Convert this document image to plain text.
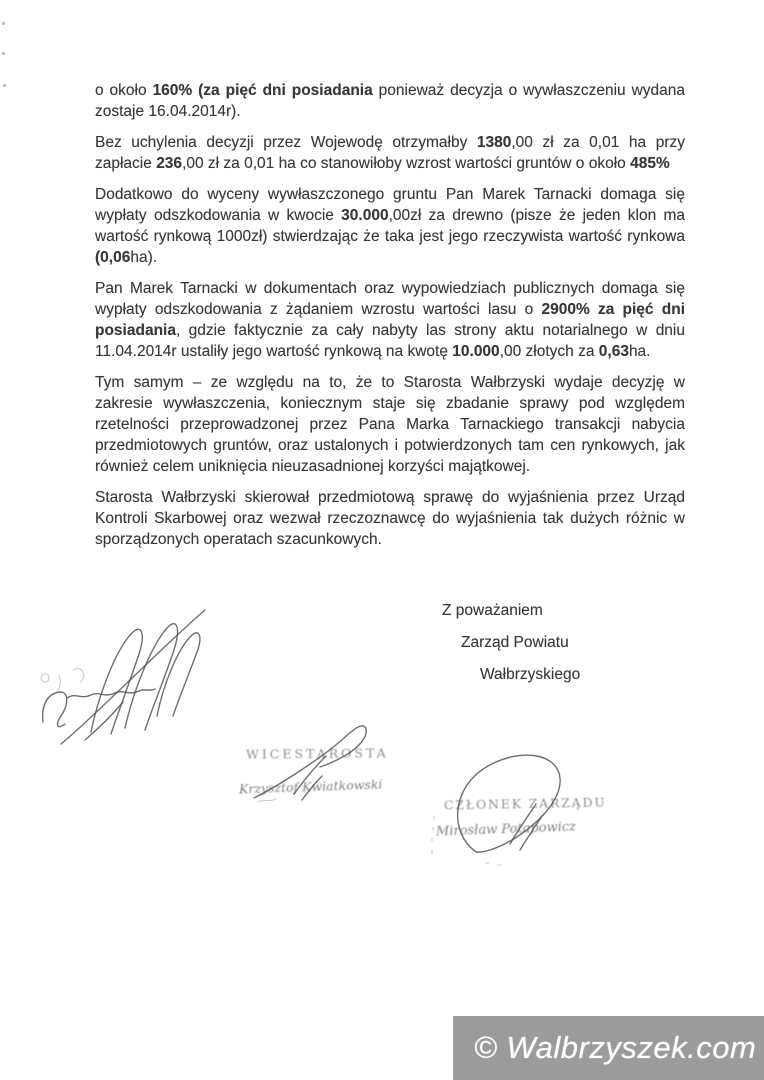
o około 160% (za pięć dni posiadania ponieważ decyzja o wywłaszczeniu wydana
zostaje 16.04.2014r).
Bez uchylenia decyzji przez Wojewodę otrzymałby 1380,00 zł za 0,01 ha przy
zapłacie 236,00 zł za 0,01 ha co stanowiłoby wzrost wartości gruntów o około 485%
Dodatkowo do wyceny wywłaszczonego gruntu Pan Marek Tarnacki domaga się
wypłaty odszkodowania w kwocie 30.000,00zł za drewno (pisze że jeden klon ma
wartość rynkową 1000zł) stwierdzając że taka jest jego rzeczywista wartość rynkowa
(0,06ha).
Pan Marek Tarnacki w dokumentach oraz wypowiedziach publicznych domaga się
wypłaty odszkodowania z żądaniem wzrostu wartości lasu o 2900% za pięć dni
posiadania, gdzie faktycznie za cały nabyty las strony aktu notarialnego w dniu
11.04.2014r ustaliły jego wartość rynkową na kwotę 10.000,00 złotych za 0,63ha.
Tym samym – ze względu na to, że to Starosta Wałbrzyski wydaje decyzję w
zakresie wywłaszczenia, koniecznym staje się zbadanie sprawy pod względem
rzetelności przeprowadzonej przez Pana Marka Tarnackiego transakcji nabycia
przedmiotowych gruntów, oraz ustalonych i potwierdzonych tam cen rynkowych, jak
również celem uniknięcia nieuzasadnionej korzyści majątkowej.
Starosta Wałbrzyski skierował przedmiotową sprawę do wyjaśnienia przez Urząd
Kontroli Skarbowej oraz wezwał rzeczoznawcę do wyjaśnienia tak dużych różnic w
sporządzonych operatach szacunkowych.
Z poważaniem
Zarząd Powiatu
Wałbrzyskiego
WICESTAROSTA
Krzysztof Kwiatkowski
CZŁONEK ZARZĄDU
Mirosław Potapowicz
© Walbrzyszek.com
